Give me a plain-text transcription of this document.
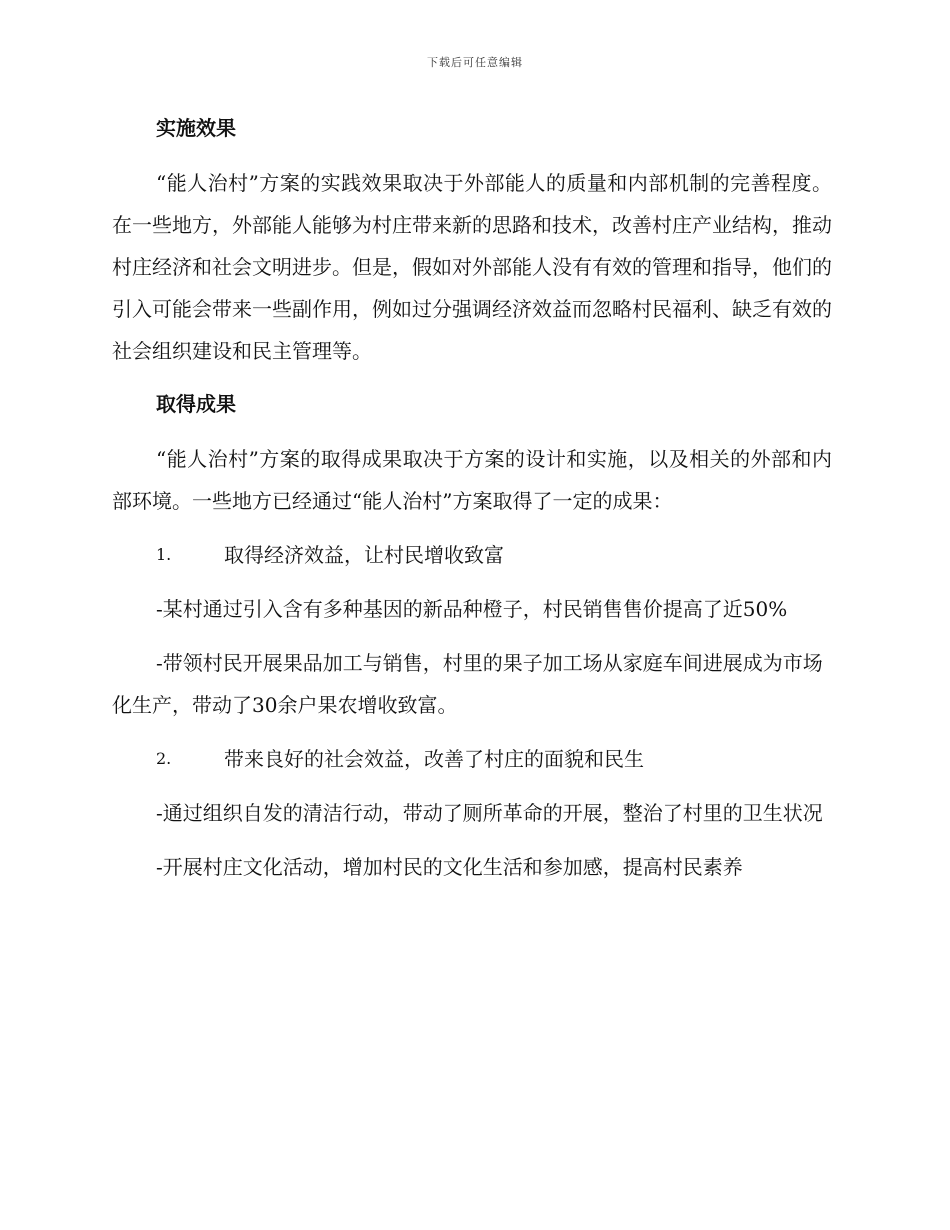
下载后可任意编辑
实施效果

“能人治村”方案的实践效果取决于外部能人的质量和内部机制的完善程度。在一些地方，外部能人能够为村庄带来新的思路和技术，改善村庄产业结构，推动村庄经济和社会文明进步。但是，假如对外部能人没有有效的管理和指导，他们的引入可能会带来一些副作用，例如过分强调经济效益而忽略村民福利、缺乏有效的社会组织建设和民主管理等。

取得成果

“能人治村”方案的取得成果取决于方案的设计和实施，以及相关的外部和内部环境。一些地方已经通过“能人治村”方案取得了一定的成果：

1.	取得经济效益，让村民增收致富

-某村通过引入含有多种基因的新品种橙子，村民销售售价提高了近50%

-带领村民开展果品加工与销售，村里的果子加工场从家庭车间进展成为市场化生产，带动了30余户果农增收致富。

2.	带来良好的社会效益，改善了村庄的面貌和民生

-通过组织自发的清洁行动，带动了厕所革命的开展，整治了村里的卫生状况

-开展村庄文化活动，增加村民的文化生活和参加感，提高村民素养
